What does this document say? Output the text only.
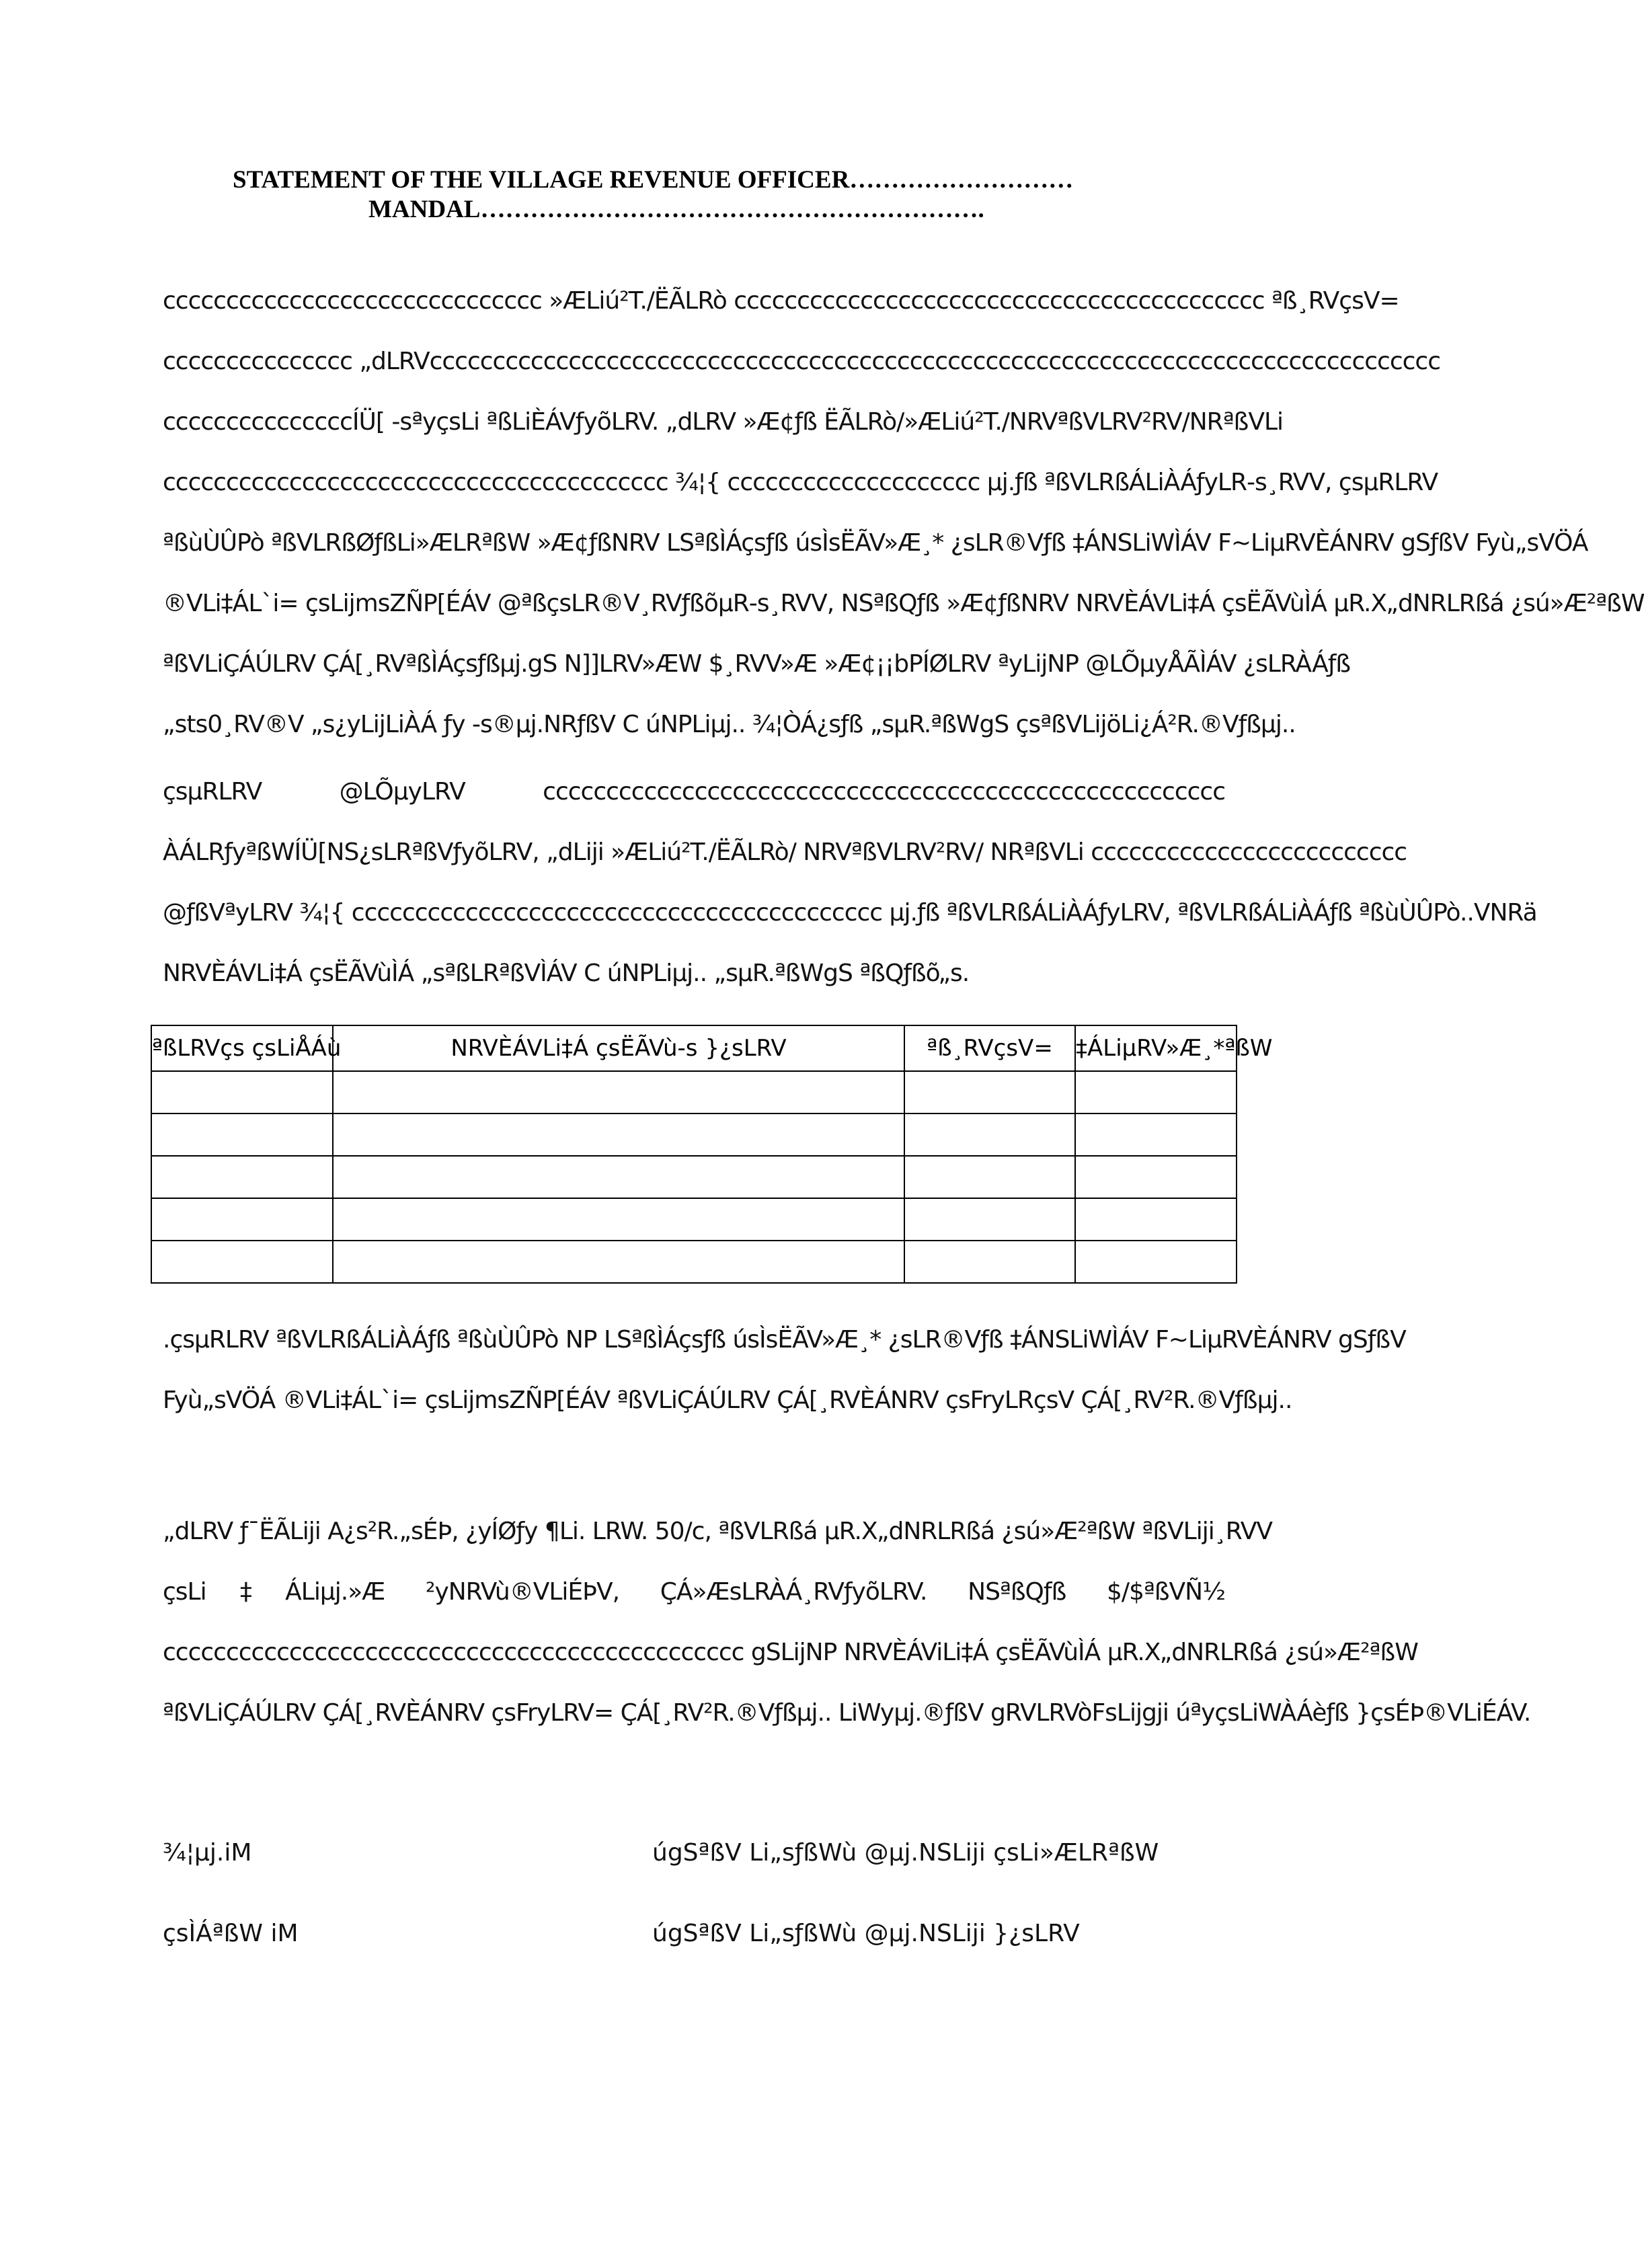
STATEMENT OF THE VILLAGE REVENUE OFFICER………………………
MANDAL…………………………………………………….
cccccccccccccccccccccccccccccc »ÆLiú²T./ËÃLRò cccccccccccccccccccccccccccccccccccccccccc ªß¸RVçsV=
ccccccccccccccc „dLRVcccccccccccccccccccccccccccccccccccccccccccccccccccccccccccccccccccccccccccccccc
cccccccccccccccÍÜ[ ‑sªyçsLi ªßLiÈÁVƒyõLRV. „dLRV »Æ¢ƒß ËÃLRò/»ÆLiú²T./NRVªßVLRV²RV/NRªßVLi
cccccccccccccccccccccccccccccccccccccccc ¾¦{ cccccccccccccccccccc µj.ƒß ªßVLRßÁLiÀÁƒyLR‑s¸RVV, çsµRLRV
ªßùÙÛPò ªßVLRßØƒßLi»ÆLRªßW »Æ¢ƒßNRV LSªßÌÁçsƒß úsÌsËÃV»Æ¸* ¿sLR®Vƒß ‡ÁNSLiWÌÁV F~LiµRVÈÁNRV gSƒßV Fyù„sVÖÁ
®VLi‡ÁL`i= çsLijmsZÑP[ÉÁV @ªßçsLR®V¸RVƒßõµR‑s¸RVV, NSªßQƒß »Æ¢ƒßNRV NRVÈÁVLi‡Á çsËÃVùÌÁ µR.X„dNRLRßá ¿sú»Æ²ªßW
ªßVLiÇÁÚLRV ÇÁ[¸RVªßÌÁçsƒßµj.gS N]]LRV»ÆW $¸RVV»Æ »Æ¢¡¡bPÍØLRV ªyLijNP @LÕµyÅÃÌÁV ¿sLRÀÁƒß
„sts0¸RV®V „s¿yLijLiÀÁ ƒy ‑s®µj.NRƒßV C úNPLiµj.. ¾¦ÒÁ¿sƒß „sµR.ªßWgS çsªßVLijöLi¿Á²R.®Vƒßµj..
çsµRLRV @LÕµyLRV cccccccccccccccccccccccccccccccccccccccccccccccccccccc
ÀÁLRƒyªßWÍÜ[NS¿sLRªßVƒyõLRV, „dLiji »ÆLiú²T./ËÃLRò/ NRVªßVLRV²RV/ NRªßVLi ccccccccccccccccccccccccc
@ƒßVªyLRV ¾¦{ cccccccccccccccccccccccccccccccccccccccccc µj.ƒß ªßVLRßÁLiÀÁƒyLRV, ªßVLRßÁLiÀÁƒß ªßùÙÛPò..VNRä
NRVÈÁVLi‡Á çsËÃVùÌÁ „sªßLRªßVÌÁV C úNPLiµj.. „sµR.ªßWgS ªßQƒßõ„s.
ªßLRVçs çsLiÅÁù	NRVÈÁVLi‡Á çsËÃVù‑s }¿sLRV	ªß¸RVçsV=	‡ÁLiµRV»Æ¸*ªßW

.çsµRLRV ªßVLRßÁLiÀÁƒß ªßùÙÛPò NP LSªßÌÁçsƒß úsÌsËÃV»Æ¸* ¿sLR®Vƒß ‡ÁNSLiWÌÁV F~LiµRVÈÁNRV gSƒßV
Fyù„sVÖÁ ®VLi‡ÁL`i= çsLijmsZÑP[ÉÁV ªßVLiÇÁÚLRV ÇÁ[¸RVÈÁNRV çsFryLRçsV ÇÁ[¸RV²R.®Vƒßµj..
„dLRV ƒ¯ËÃLiji A¿s²R.„sÉÞ, ¿yÍØƒy ¶Li. LRW. 50/c, ªßVLRßá µR.X„dNRLRßá ¿sú»Æ²ªßW ªßVLiji¸RVV
çsLi‡ÁLiµj.»Æ ²yNRVù®VLiÉÞV, ÇÁ»ÆsLRÀÁ¸RVƒyõLRV. NSªßQƒß $/$ªßVÑ½
cccccccccccccccccccccccccccccccccccccccccccccc gSLijNP NRVÈÁViLi‡Á çsËÃVùÌÁ µR.X„dNRLRßá ¿sú»Æ²ªßW
ªßVLiÇÁÚLRV ÇÁ[¸RVÈÁNRV çsFryLRV= ÇÁ[¸RV²R.®Vƒßµj.. LiWyµj.®ƒßV gRVLRVòFsLijgji úªyçsLiWÀÁèƒß }çsÉÞ®VLiÉÁV.
¾¦µj.iM	úgSªßV Li„sƒßWù @µj.NSLiji çsLi»ÆLRªßW
çsÌÁªßW iM	úgSªßV Li„sƒßWù @µj.NSLiji }¿sLRV
